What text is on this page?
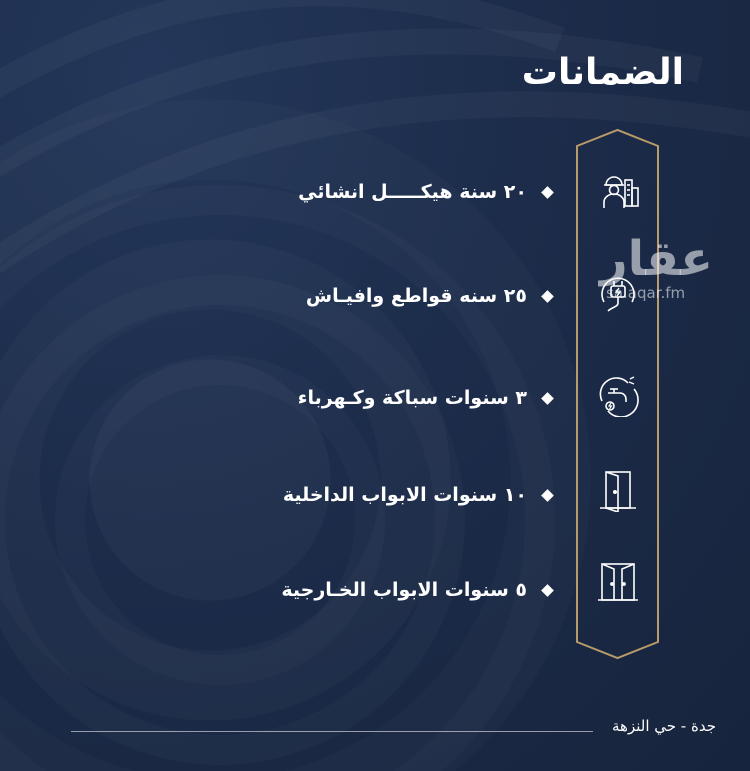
الضمانات
٢٠ سنة هيكـــــل انشائي
٢٥ سنه قواطع وافيـاش
٣ سنوات سباكة وكـهرباء
١٠ سنوات الابواب الداخلية
٥ سنوات الابواب الخـارجية
عقار
sa.aqar.fm
جدة - حي النزهة
